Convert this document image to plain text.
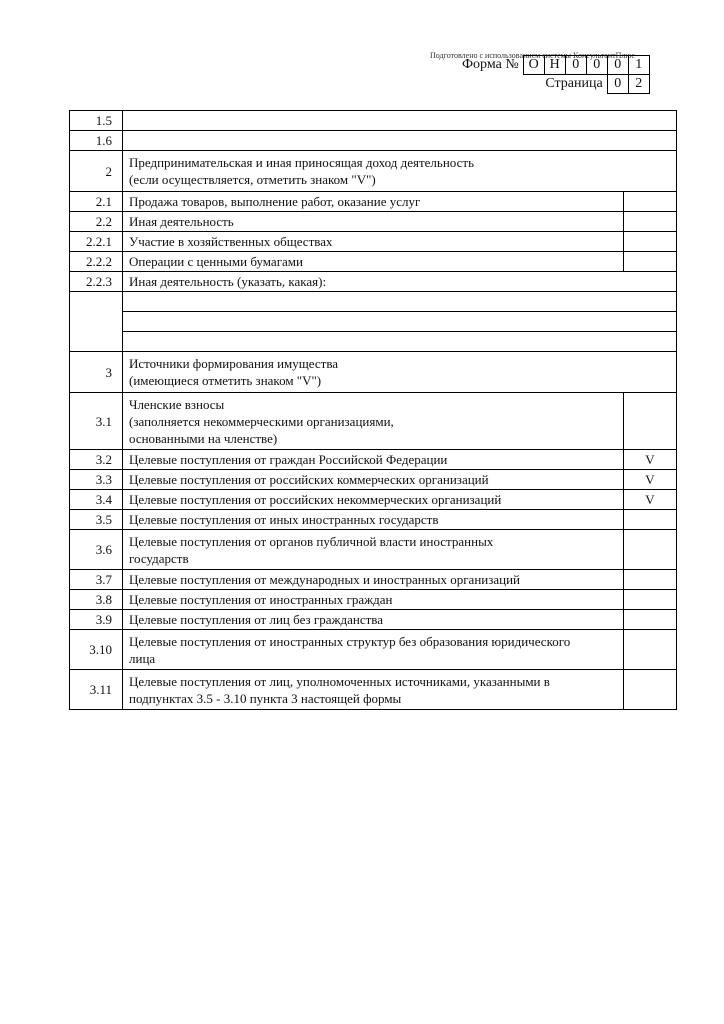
Подготовлено с использованием системы КонсультантПлюс
Форма №	О	Н	0	0	0	1
Страница					0	2
1.5		
1.6		
2	Предпринимательская и иная приносящая доход деятельность
(если осуществляется, отметить знаком "V")	

2.1	Продажа товаров, выполнение работ, оказание услуг	
2.2	Иная деятельность	
2.2.1	Участие в хозяйственных обществах	
2.2.2	Операции с ценными бумагами	
2.2.3	Иная деятельность (указать, какая):	

3	Источники формирования имущества
(имеющиеся отметить знаком "V")	

3.1	Членские взносы
(заполняется некоммерческими организациями,
основанными на членстве)	

3.2	Целевые поступления от граждан Российской Федерации	V
3.3	Целевые поступления от российских коммерческих организаций	V
3.4	Целевые поступления от российских некоммерческих организаций	V
3.5	Целевые поступления от иных иностранных государств	
3.6	Целевые поступления от органов публичной власти иностранных
государств	

3.7	Целевые поступления от международных и иностранных организаций	
3.8	Целевые поступления от иностранных граждан	
3.9	Целевые поступления от лиц без гражданства	
3.10	Целевые поступления от иностранных структур без образования юридического
лица	

3.11	Целевые поступления от лиц, уполномоченных источниками, указанными в
подпунктах 3.5 - 3.10 пункта 3 настоящей формы	
